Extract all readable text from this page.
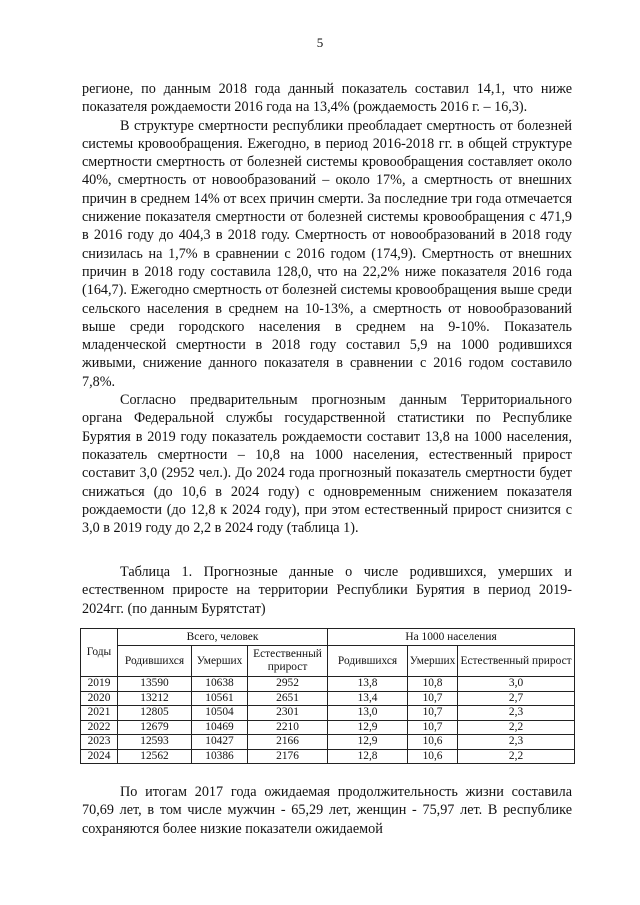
5

регионе, по данным 2018 года данный показатель составил 14,1, что ниже показателя рождаемости 2016 года на 13,4% (рождаемость 2016 г. – 16,3).

В структуре смертности республики преобладает смертность от болезней системы кровообращения. Ежегодно, в период 2016-2018 гг. в общей структуре смертности смертность от болезней системы кровообращения составляет около 40%, смертность от новообразований – около 17%, а смертность от внешних причин в среднем 14% от всех причин смерти. За последние три года отмечается снижение показателя смертности от болезней системы кровообращения с 471,9 в 2016 году до 404,3 в 2018 году. Смертность от новообразований в 2018 году снизилась на 1,7% в сравнении с 2016 годом (174,9). Смертность от внешних причин в 2018 году составила 128,0, что на 22,2% ниже показателя 2016 года (164,7). Ежегодно смертность от болезней системы кровообращения выше среди сельского населения в среднем на 10-13%, а смертность от новообразований выше среди городского населения в среднем на 9-10%. Показатель младенческой смертности в 2018 году составил 5,9 на 1000 родившихся живыми, снижение данного показателя в сравнении с 2016 годом составило 7,8%.

Согласно предварительным прогнозным данным Территориального органа Федеральной службы государственной статистики по Республике Бурятия в 2019 году показатель рождаемости составит 13,8 на 1000 населения, показатель смертности – 10,8 на 1000 населения, естественный прирост составит 3,0 (2952 чел.). До 2024 года прогнозный показатель смертности будет снижаться (до 10,6 в 2024 году) с одновременным снижением показателя рождаемости (до 12,8 к 2024 году), при этом естественный прирост снизится с 3,0 в 2019 году до 2,2 в 2024 году (таблица 1).

Таблица 1. Прогнозные данные о числе родившихся, умерших и естественном приросте на территории Республики Бурятия в период 2019-2024гг. (по данным Бурятстат)
Годы	Всего, человек			На 1000 населения		
	Родившихся	Умерших	Естественный прирост	Родившихся	Умерших	Естественный прирост
2019	13590	10638	2952	13,8	10,8	3,0
2020	13212	10561	2651	13,4	10,7	2,7
2021	12805	10504	2301	13,0	10,7	2,3
2022	12679	10469	2210	12,9	10,7	2,2
2023	12593	10427	2166	12,9	10,6	2,3
2024	12562	10386	2176	12,8	10,6	2,2
По итогам 2017 года ожидаемая продолжительность жизни составила 70,69 лет, в том числе мужчин - 65,29 лет, женщин - 75,97 лет. В республике сохраняются более низкие показатели ожидаемой
